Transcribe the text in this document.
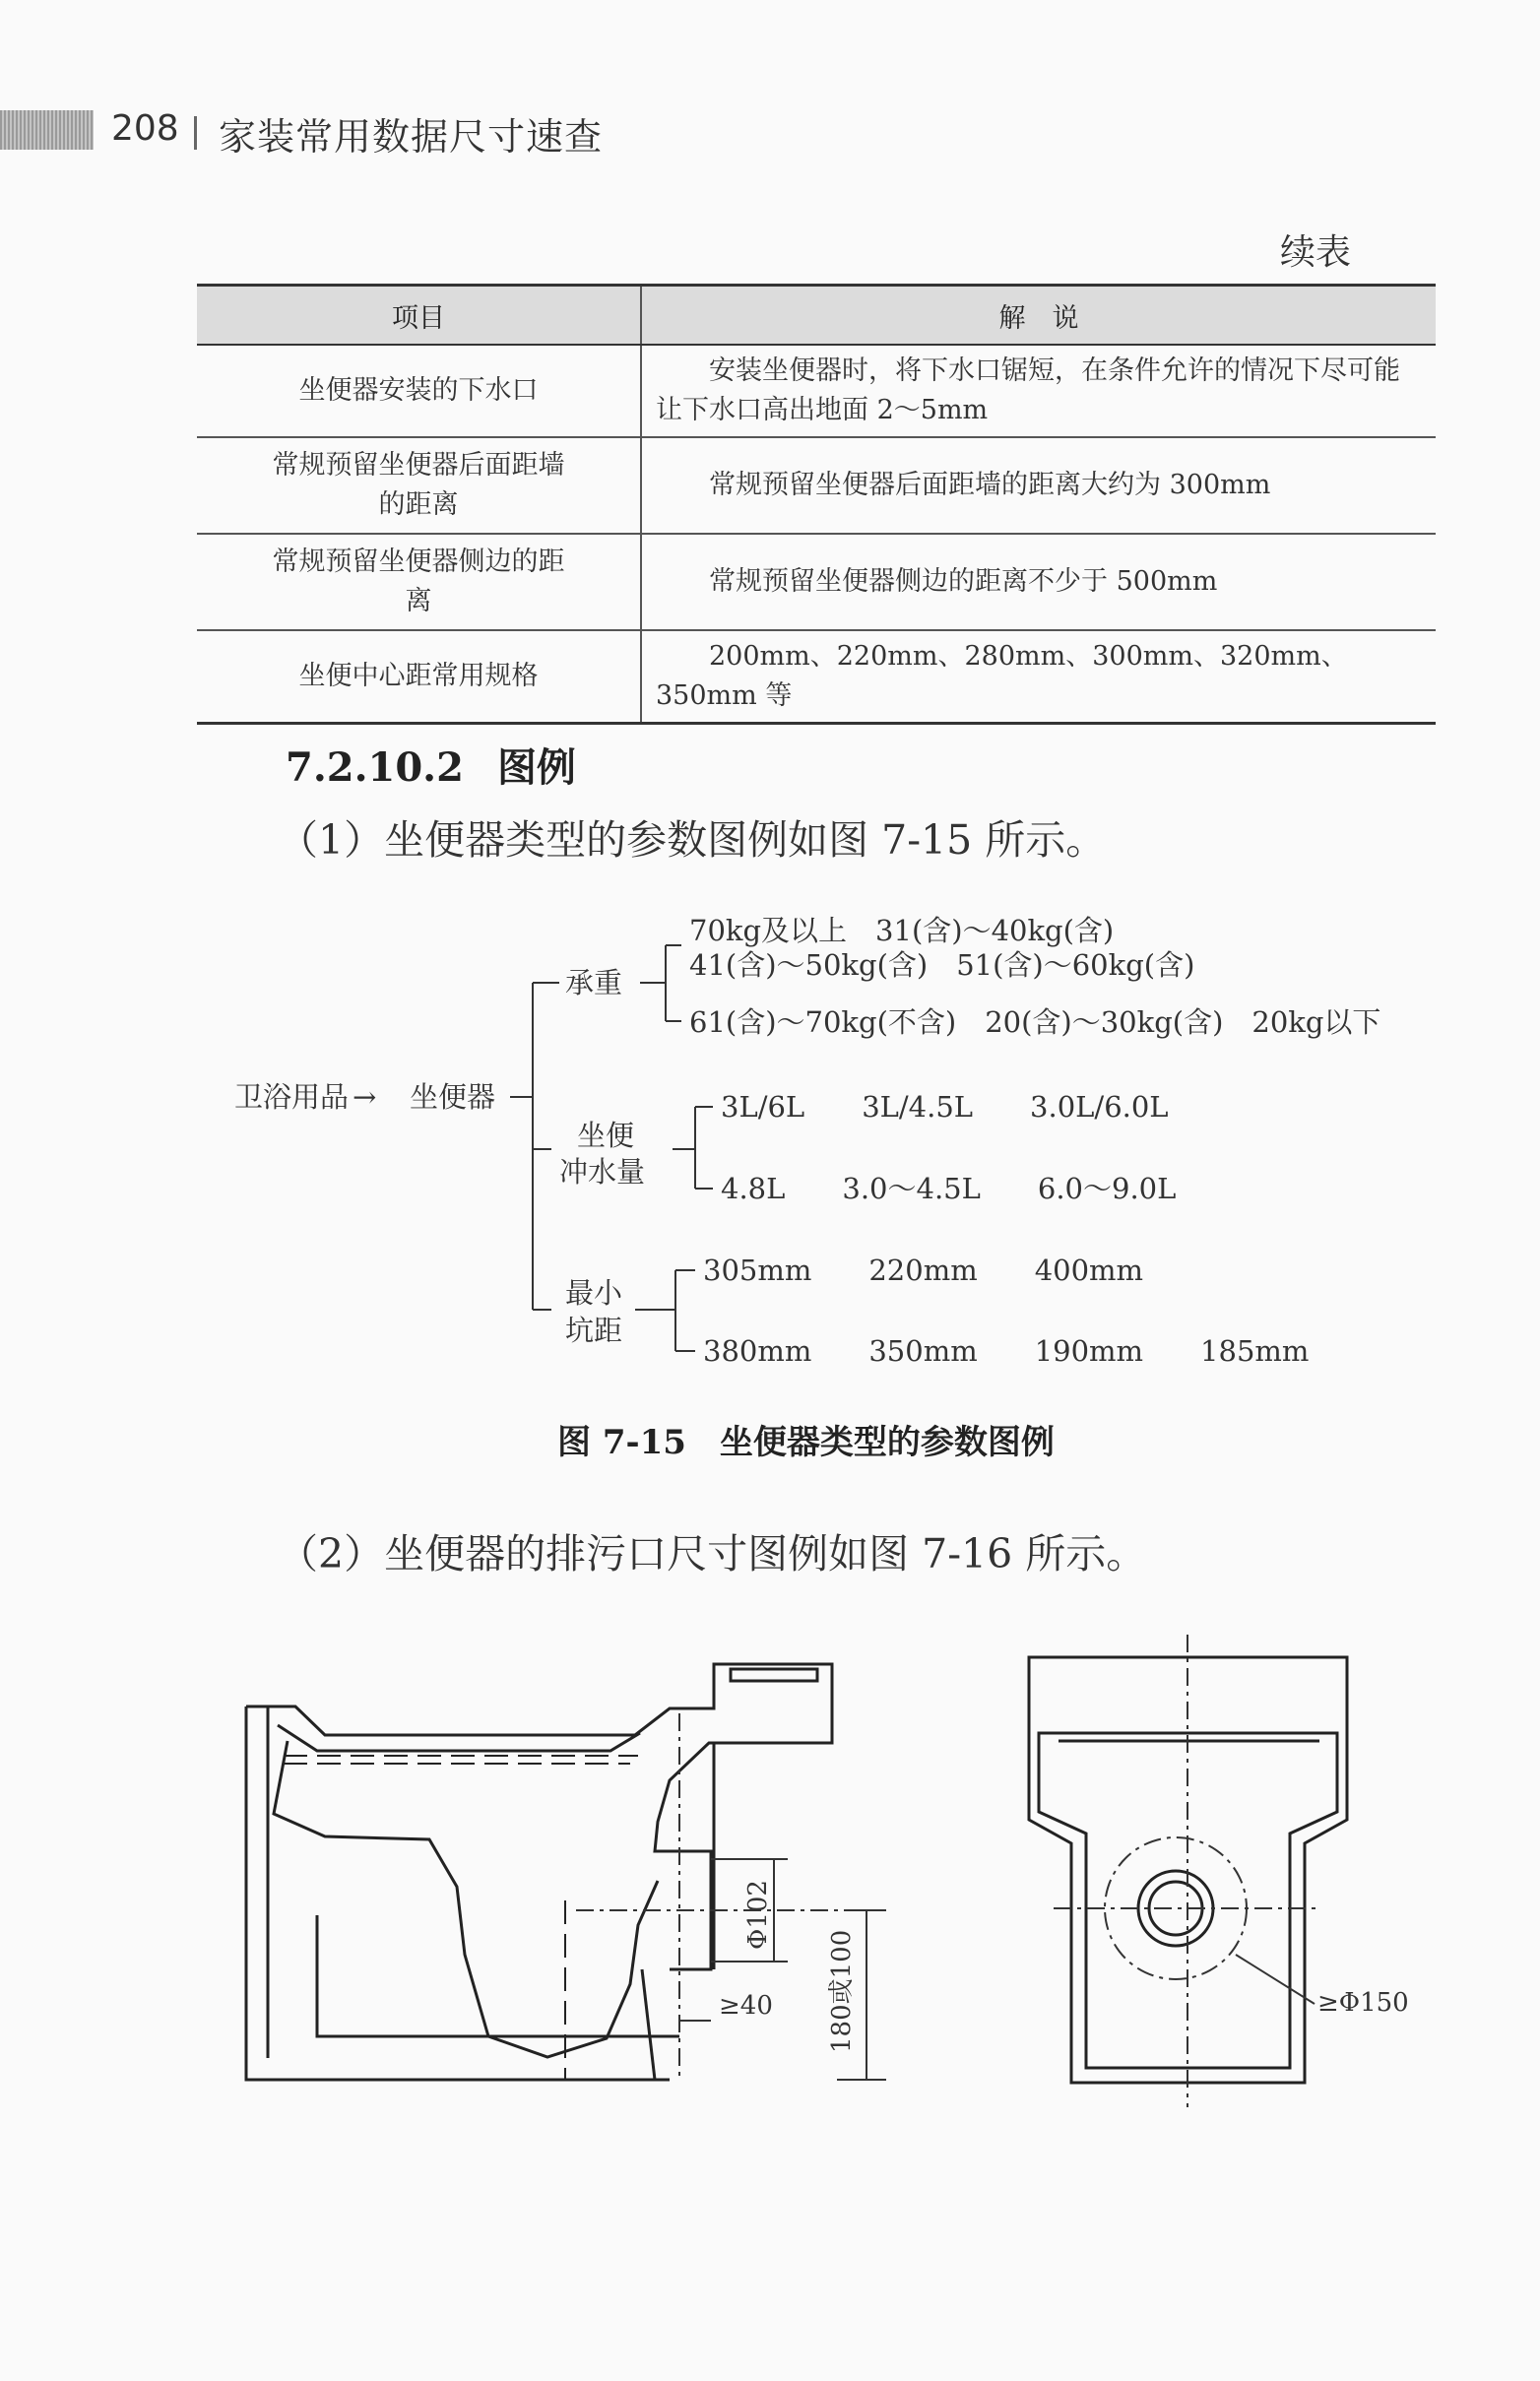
208 家装常用数据尺寸速查
续表
项目	解　说
坐便器安装的下水口	安装坐便器时，将下水口锯短，在条件允许的情况下尽可能让下水口高出地面 2～5mm

常规预留坐便器后面距墙的距离	常规预留坐便器后面距墙的距离大约为 300mm

常规预留坐便器侧边的距离	常规预留坐便器侧边的距离不少于 500mm

坐便中心距常用规格	200mm、220mm、280mm、300mm、320mm、350mm 等
7.2.10.2 图例
（1）坐便器类型的参数图例如图 7-15 所示。
卫浴用品 → 坐便器
承重
70kg及以上　31(含)～40kg(含)
41(含)～50kg(含)　51(含)～60kg(含)
61(含)～70kg(不含)　20(含)～30kg(含)　20kg以下
坐便
冲水量
3L/6L　　3L/4.5L　　3.0L/6.0L
4.8L　　3.0～4.5L　　6.0～9.0L
最小
坑距
305mm　　220mm　　400mm
380mm　　350mm　　190mm　　185mm
图 7-15 坐便器类型的参数图例
（2）坐便器的排污口尺寸图例如图 7-16 所示。
Φ102
≥40 180或100	≥Φ150
